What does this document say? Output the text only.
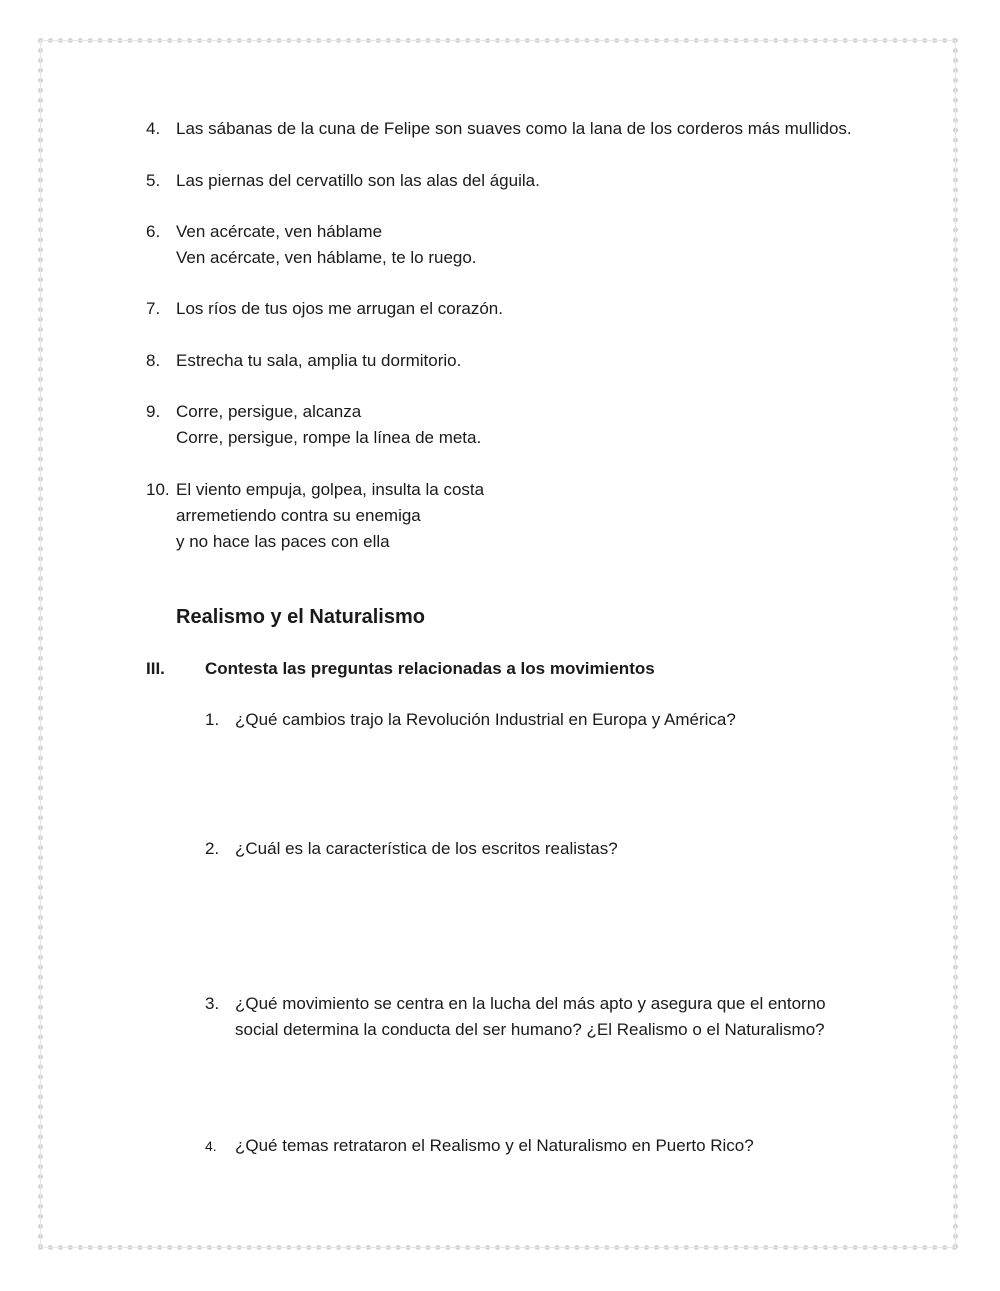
4. Las sábanas de la cuna de Felipe son suaves como la lana de los corderos más mullidos.
5. Las piernas del cervatillo son las alas del águila.
6. Ven acércate, ven háblame
Ven acércate, ven háblame, te lo ruego.
7. Los ríos de tus ojos me arrugan el corazón.
8. Estrecha tu sala, amplia tu dormitorio.
9. Corre, persigue, alcanza
Corre, persigue, rompe la línea de meta.
10. El viento empuja, golpea, insulta la costa
arremetiendo contra su enemiga
y no hace las paces con ella
Realismo y el Naturalismo
III. Contesta las preguntas relacionadas a los movimientos
1. ¿Qué cambios trajo la Revolución Industrial en Europa y América?
2. ¿Cuál es la característica de los escritos realistas?
3. ¿Qué movimiento se centra en la lucha del más apto y asegura que el entorno
social determina la conducta del ser humano? ¿El Realismo o el Naturalismo?
4.	¿Qué temas retrataron el Realismo y el Naturalismo en Puerto Rico?
